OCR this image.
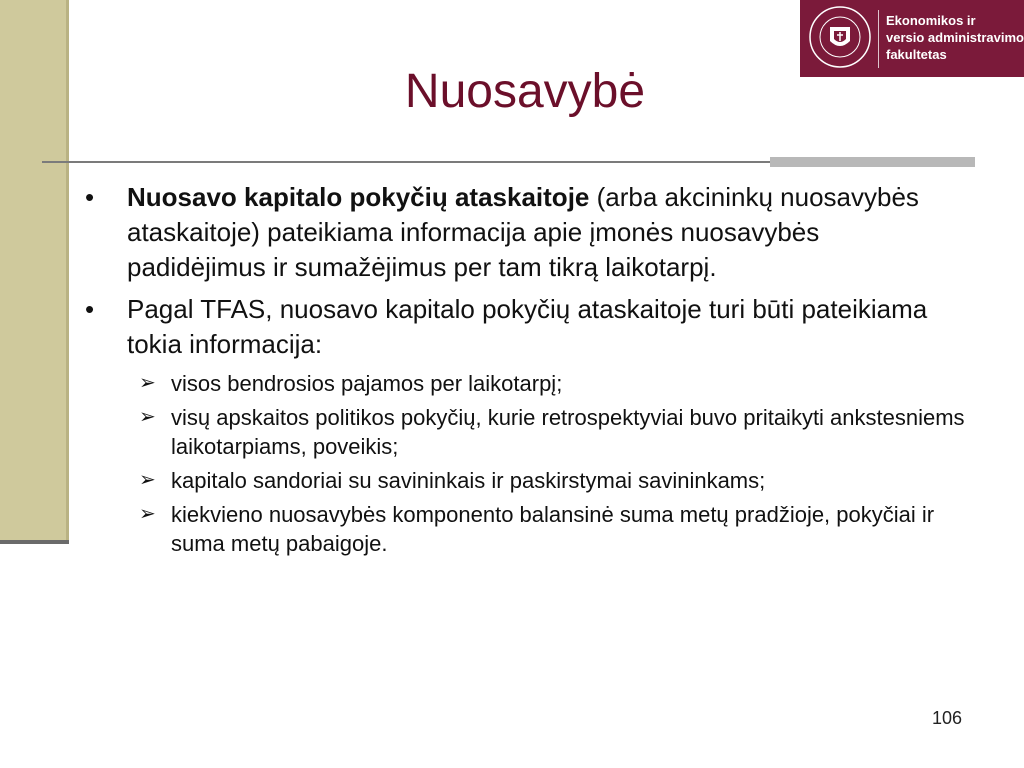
Ekonomikos ir
versio administravimo
fakultetas
Nuosavybė
• Nuosavo kapitalo pokyčių ataskaitoje (arba akcininkų nuosavybės ataskaitoje) pateikiama informacija apie įmonės nuosavybės padidėjimus ir sumažėjimus per tam tikrą laikotarpį.
• Pagal TFAS, nuosavo kapitalo pokyčių ataskaitoje turi būti pateikiama tokia informacija:
➢ visos bendrosios pajamos per laikotarpį;
➢ visų apskaitos politikos pokyčių, kurie retrospektyviai buvo pritaikyti ankstesniems laikotarpiams, poveikis;
➢ kapitalo sandoriai su savininkais ir paskirstymai savininkams;
➢ kiekvieno nuosavybės komponento balansinė suma metų pradžioje, pokyčiai ir suma metų pabaigoje.
106
